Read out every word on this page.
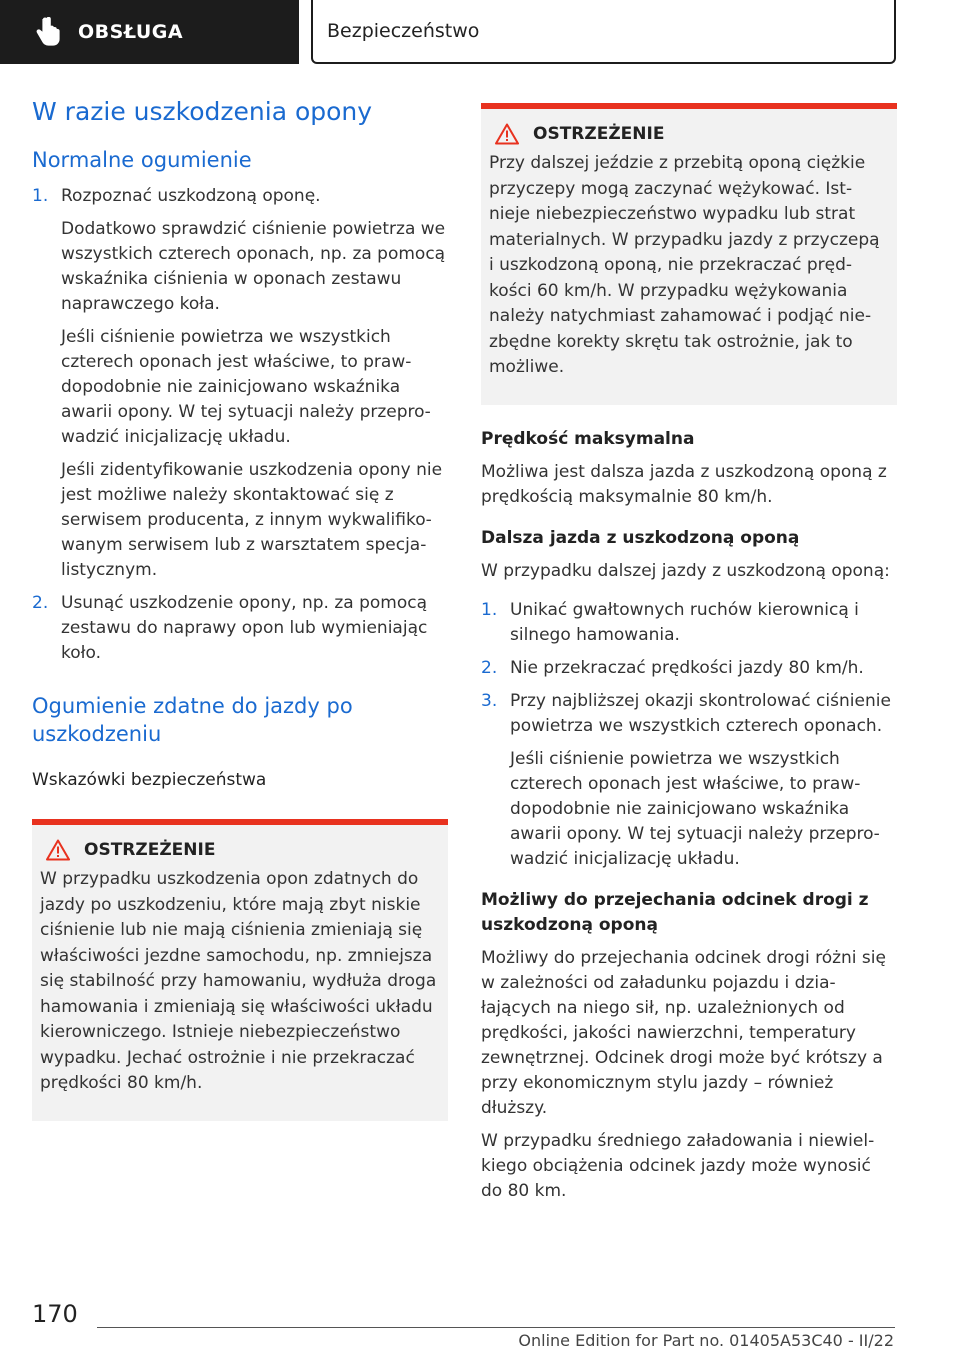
OBSŁUGA	Bezpieczeństwo
W razie uszkodzenia opony
Normalne ogumienie
1. Rozpoznać uszkodzoną oponę.

Dodatkowo sprawdzić ciśnienie powietrza we wszystkich czterech oponach, np. za pomocą wskaźnika ciśnienia w oponach zestawu naprawczego koła.

Jeśli ciśnienie powietrza we wszystkich czterech oponach jest właściwe, to prawdopodobnie nie zainicjowano wskaźnika awarii opony. W tej sytuacji należy przeprowadzić inicjalizację układu.

Jeśli zidentyfikowanie uszkodzenia opony nie jest możliwe należy skontaktować się z serwisem producenta, z innym wykwalifikowanym serwisem lub z warsztatem specjalistycznym.

2. Usunąć uszkodzenie opony, np. za pomocą zestawu do naprawy opon lub wymieniając koło.

Ogumienie zdatne do jazdy po uszkodzeniu
Wskazówki bezpieczeństwa
OSTRZEŻENIE

W przypadku uszkodzenia opon zdatnych do jazdy po uszkodzeniu, które mają zbyt niskie ciśnienie lub nie mają ciśnienia zmieniają się właściwości jezdne samochodu, np. zmniejsza się stabilność przy hamowaniu, wydłuża droga hamowania i zmieniają się właściwości układu kierowniczego. Istnieje niebezpieczeństwo wypadku. Jechać ostrożnie i nie przekraczać prędkości 80 km/h.

OSTRZEŻENIE

Przy dalszej jeździe z przebitą oponą ciężkie przyczepy mogą zaczynać wężykować. Istnieje niebezpieczeństwo wypadku lub strat materialnych. W przypadku jazdy z przyczepą i uszkodzoną oponą, nie przekraczać prędkości 60 km/h. W przypadku wężykowania należy natychmiast zahamować i podjąć niezbędne korekty skrętu tak ostrożnie, jak to możliwe.

Prędkość maksymalna

Możliwa jest dalsza jazda z uszkodzoną oponą z prędkością maksymalnie 80 km/h.

Dalsza jazda z uszkodzoną oponą

W przypadku dalszej jazdy z uszkodzoną oponą:

1. Unikać gwałtownych ruchów kierownicą i silnego hamowania.

2. Nie przekraczać prędkości jazdy 80 km/h.

3. Przy najbliższej okazji skontrolować ciśnienie powietrza we wszystkich czterech oponach.

Jeśli ciśnienie powietrza we wszystkich czterech oponach jest właściwe, to prawdopodobnie nie zainicjowano wskaźnika awarii opony. W tej sytuacji należy przeprowadzić inicjalizację układu.

Możliwy do przejechania odcinek drogi z uszkodzoną oponą

Możliwy do przejechania odcinek drogi różni się w zależności od załadunku pojazdu i działających na niego sił, np. uzależnionych od prędkości, jakości nawierzchni, temperatury zewnętrznej. Odcinek drogi może być krótszy a przy ekonomicznym stylu jazdy – również dłuższy.

W przypadku średniego załadowania i niewielkiego obciążenia odcinek jazdy może wynosić do 80 km.

170
Online Edition for Part no. 01405A53C40 - II/22
